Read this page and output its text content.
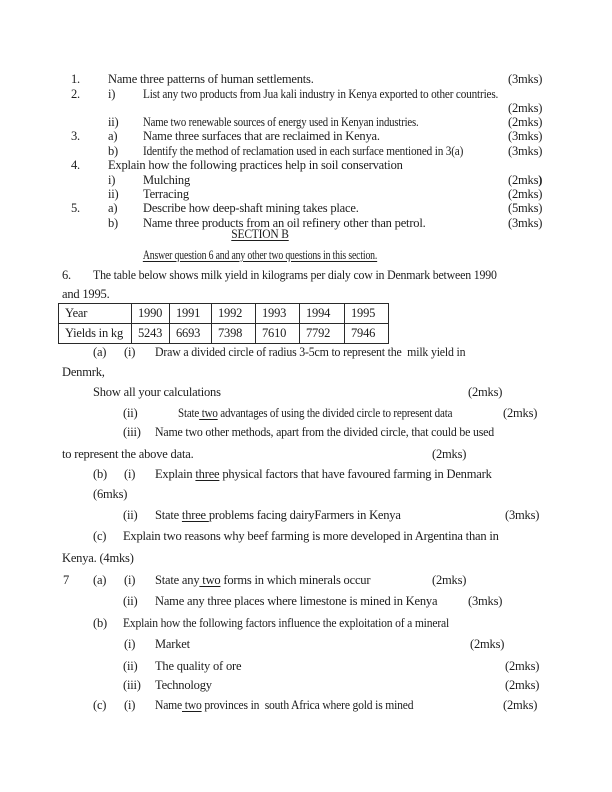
1. Name three patterns of human settlements.	(3mks)
2. i) List any two products from Jua kali industry in Kenya exported to other countries.
(2mks)
ii) Name two renewable sources of energy used in Kenyan industries.	(2mks)
3. a) Name three surfaces that are reclaimed in Kenya.	(3mks)
b) Identify the method of reclamation used in each surface mentioned in 3(a)	(3mks)
4. Explain how the following practices help in soil conservation
i) Mulching	(2mks)
ii) Terracing	(2mks)
5. a) Describe how deep-shaft mining takes place.	(5mks)
b) Name three products from an oil refinery other than petrol.	(3mks)
SECTION B
Answer question 6 and any other two questions in this section.
6. The table below shows milk yield in kilograms per dialy cow in Denmark between 1990
and 1995.
(a) (i) Draw a divided circle of radius 3-5cm to represent the  milk yield in
Denmrk,
Show all your calculations	(2mks)
(ii)	State two advantages of using the divided circle to represent data	(2mks)
(iii) Name two other methods, apart from the divided circle, that could be used
to represent the above data.	(2mks)
(b) (i) Explain three physical factors that have favoured farming in Denmark
(6mks)
(ii) State three problems facing dairyFarmers in Kenya	(3mks)
(c) Explain two reasons why beef farming is more developed in Argentina than in
Kenya. (4mks)
7 (a) (i) State any two forms in which minerals occur	(2mks)
(ii) Name any three places where limestone is mined in Kenya (3mks)
(b) Explain how the following factors influence the exploitation of a mineral
(i) Market	(2mks)
(ii) The quality of ore	(2mks)
(iii) Technology	(2mks)
(c) (i) Name two provinces in  south Africa where gold is mined	(2mks)
Year	1990	1991	1992	1993	1994	1995
Yields in kg	5243	6693	7398	7610	7792	7946
